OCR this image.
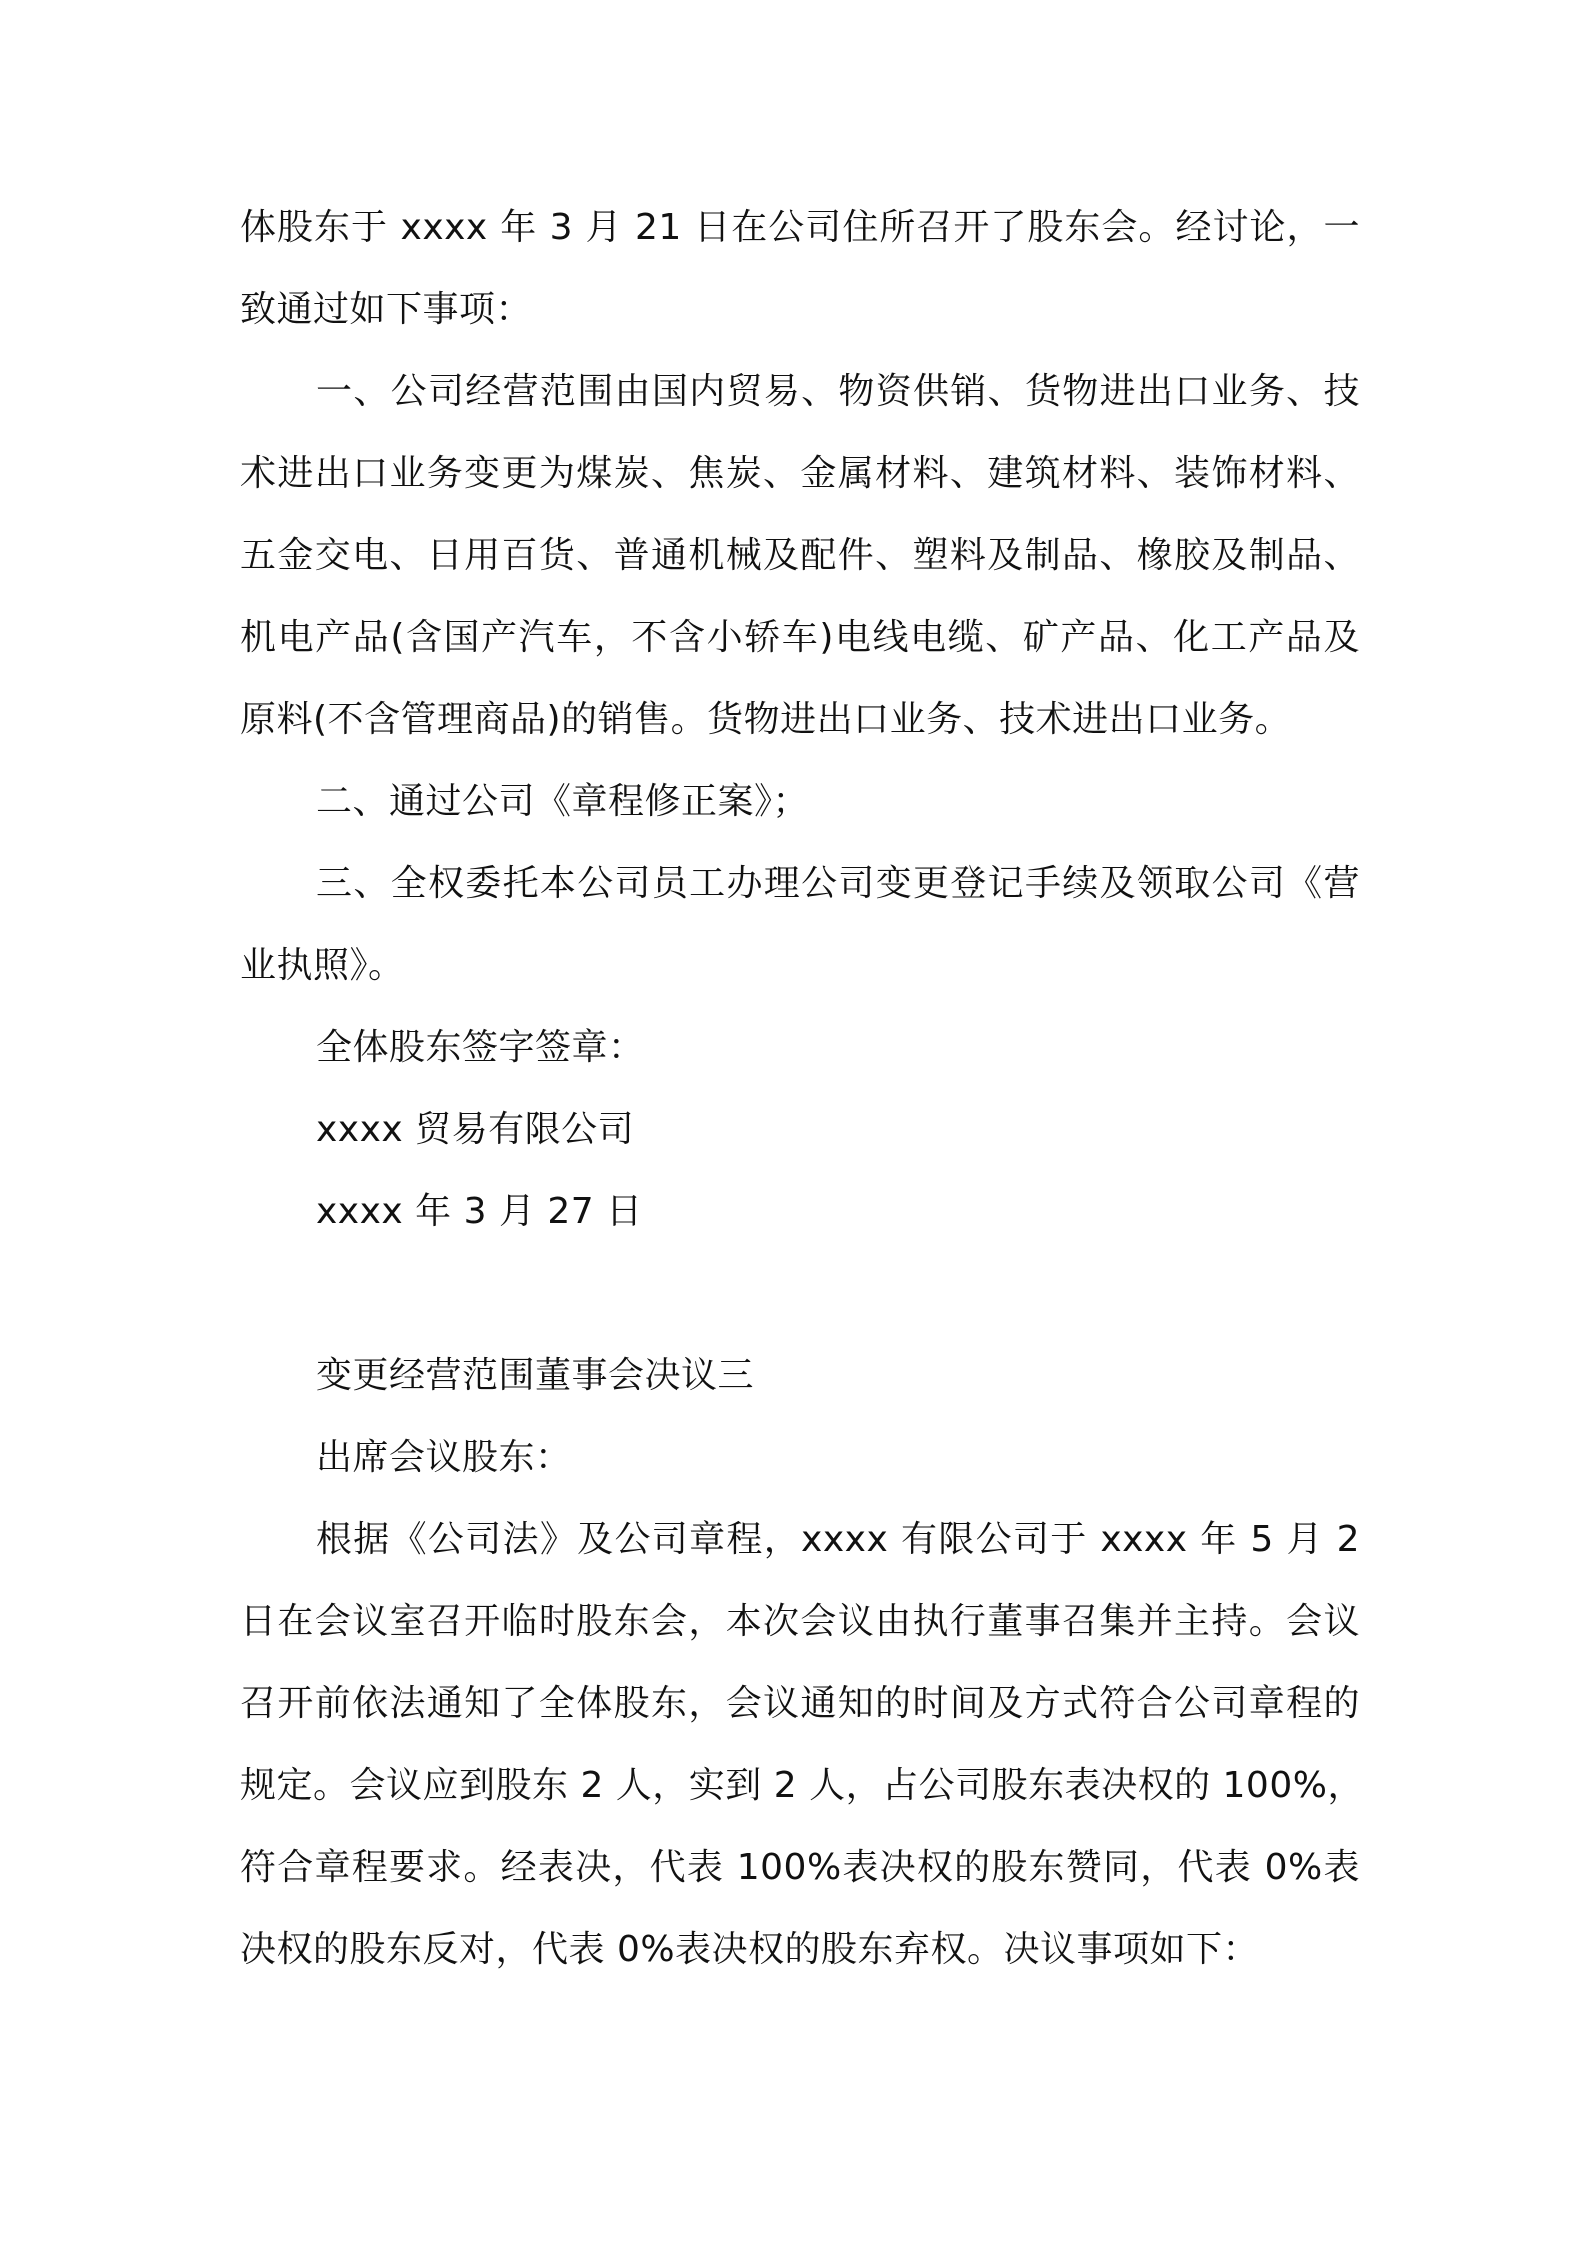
体股东于 xxxx 年 3 月 21 日在公司住所召开了股东会。经讨论，一
致通过如下事项：
一、公司经营范围由国内贸易、物资供销、货物进出口业务、技
术进出口业务变更为煤炭、焦炭、金属材料、建筑材料、装饰材料、
五金交电、日用百货、普通机械及配件、塑料及制品、橡胶及制品、
机电产品(含国产汽车，不含小轿车)电线电缆、矿产品、化工产品及
原料(不含管理商品)的销售。货物进出口业务、技术进出口业务。
二、通过公司《章程修正案》；
三、全权委托本公司员工办理公司变更登记手续及领取公司《营
业执照》。
全体股东签字签章：
xxxx 贸易有限公司
xxxx 年 3 月 27 日
变更经营范围董事会决议三
出席会议股东：
根据《公司法》及公司章程，xxxx 有限公司于 xxxx 年 5 月 2
日在会议室召开临时股东会，本次会议由执行董事召集并主持。会议
召开前依法通知了全体股东，会议通知的时间及方式符合公司章程的
规定。会议应到股东 2 人，实到 2 人，占公司股东表决权的 100%，
符合章程要求。经表决，代表 100%表决权的股东赞同，代表 0%表
决权的股东反对，代表 0%表决权的股东弃权。决议事项如下：
